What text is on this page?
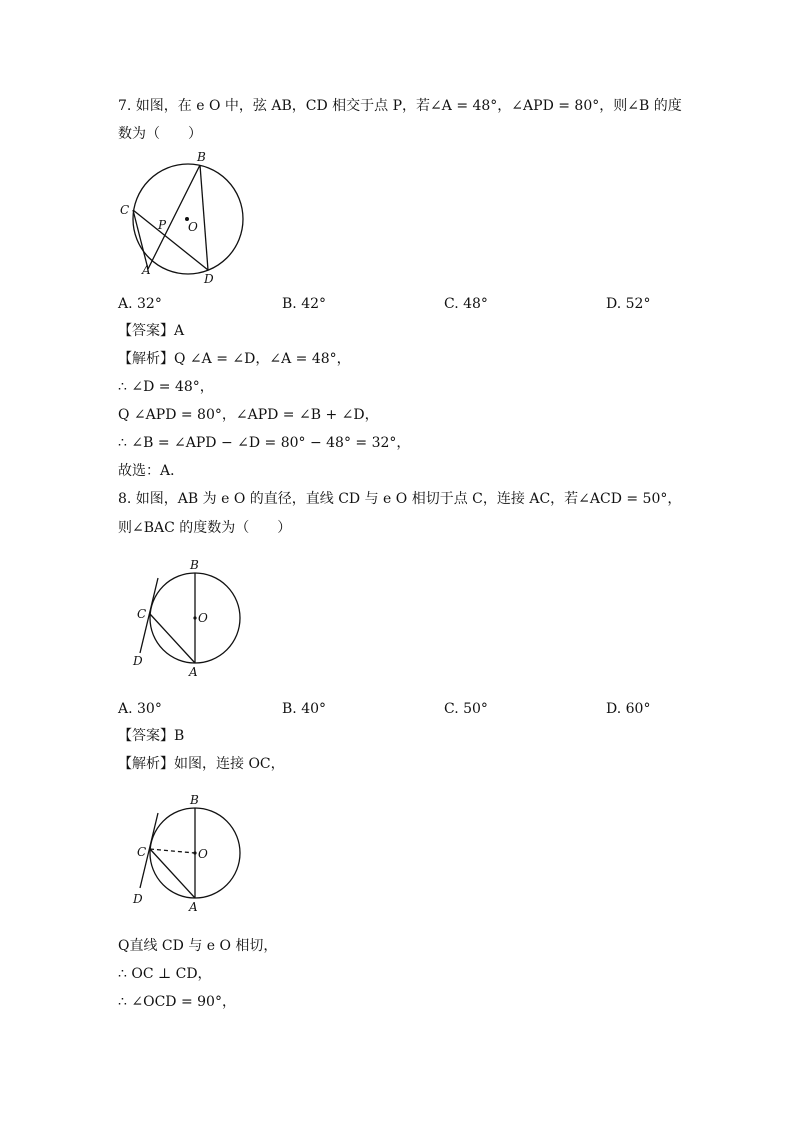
7. 如图，在 e O 中，弦 AB，CD 相交于点 P，若∠A = 48°，∠APD = 80°，则∠B 的度
数为（　　）
B
C
P O
A
D
A. 32°	B. 42°	C. 48°	D. 52°
【答案】A
【解析】Q ∠A = ∠D，∠A = 48°，
∴ ∠D = 48°，
Q ∠APD = 80°，∠APD = ∠B + ∠D，
∴ ∠B = ∠APD − ∠D = 80° − 48° = 32°，
故选：A．
8. 如图，AB 为 e O 的直径，直线 CD 与 e O 相切于点 C，连接 AC，若∠ACD = 50°，
则∠BAC 的度数为（　　）
B
C	O
D
A
A. 30°	B. 40°	C. 50°	D. 60°
【答案】B
【解析】如图，连接 OC，
B
C	O
D
A
Q直线 CD 与 e O 相切，
∴ OC ⊥ CD，
∴ ∠OCD = 90°，
